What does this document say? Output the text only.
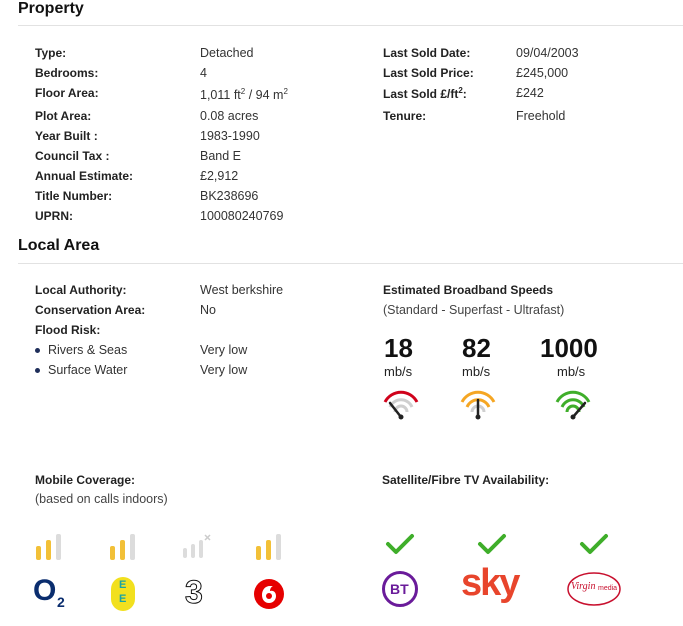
Property
Type:	Detached
Bedrooms:	4
Floor Area:	1,011 $ft^2 / 94$ $m^2$
Plot Area:	0.08 acres
Year Built :	1983-1990
Council Tax :	Band E
Annual Estimate:	£2,912
Title Number:	BK238696
UPRN:	100080240769
Last Sold Date:	09/04/2003
Last Sold Price:	£245,000
Last Sold $£/ft^2$:	£242
Tenure:	Freehold
Local Area
Local Authority:	West berkshire
Conservation Area:	No
Flood Risk:
Rivers & Seas	Very low
Surface Water	Very low
Estimated Broadband Speeds
(Standard - Superfast - Ultrafast)
18
mb/s
82
mb/s
1000
mb/s
Mobile Coverage:
(based on calls indoors)
O 2
E
E 3
Satellite/Fibre TV Availability:
BT sky	Virgin media
